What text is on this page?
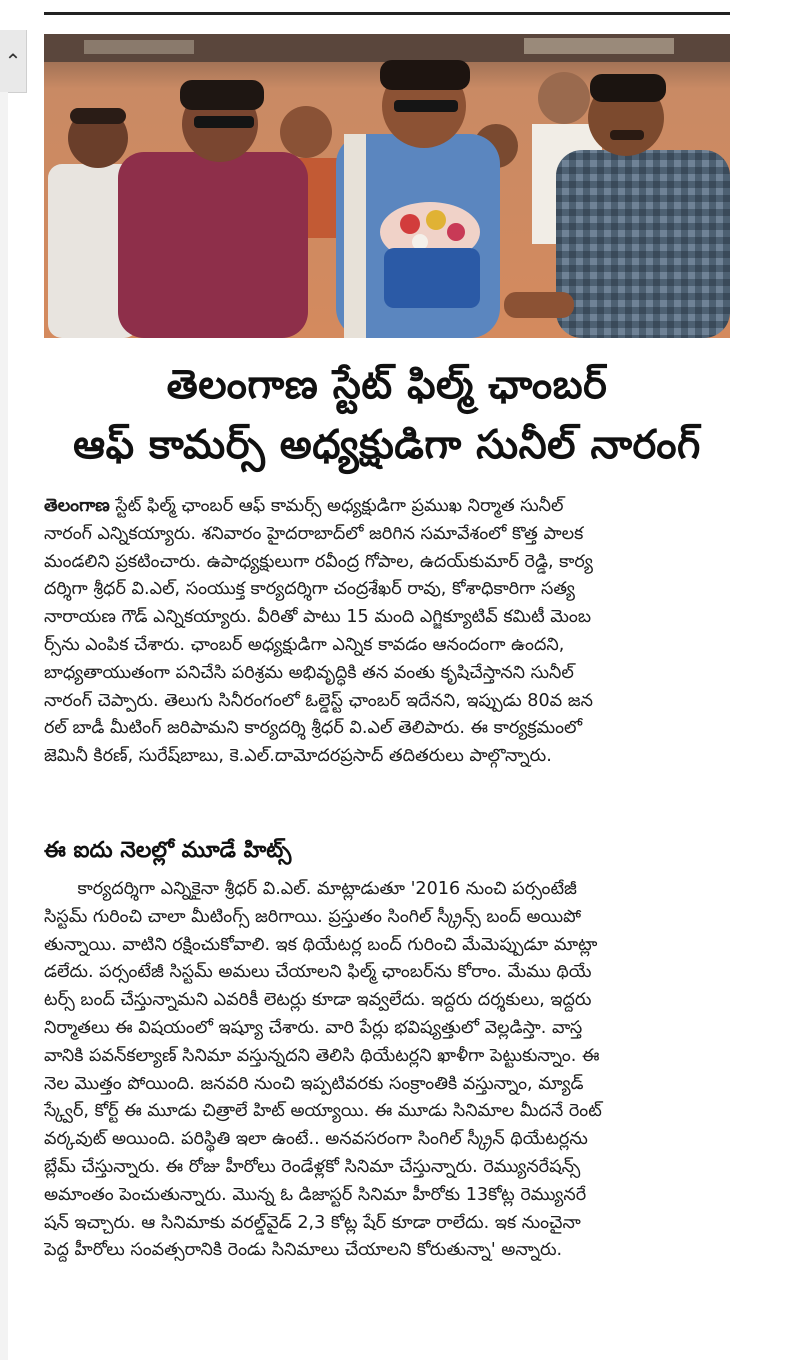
⌃
తెలంగాణ స్టేట్ ఫిల్మ్ ఛాంబర్
ఆఫ్ కామర్స్ అధ్యక్షుడిగా సునీల్ నారంగ్
తెలంగాణ స్టేట్ ఫిల్మ్ ఛాంబర్ ఆఫ్ కామర్స్ అధ్యక్షుడిగా ప్రముఖ నిర్మాత సునీల్
నారంగ్ ఎన్నికయ్యారు. శనివారం హైదరాబాద్‌లో జరిగిన సమావేశంలో కొత్త పాలక
మండలిని ప్రకటించారు. ఉపాధ్యక్షులుగా రవీంద్ర గోపాల, ఉదయ్‌కుమార్ రెడ్డి, కార్య
దర్శిగా శ్రీధర్ వి.ఎల్, సంయుక్త కార్యదర్శిగా చంద్రశేఖర్ రావు, కోశాధికారిగా సత్య
నారాయణ గౌడ్ ఎన్నికయ్యారు. వీరితో పాటు 15 మంది ఎగ్జిక్యూటివ్ కమిటీ మెంబ
ర్స్‌ను ఎంపిక చేశారు. ఛాంబర్ అధ్యక్షుడిగా ఎన్నిక కావడం ఆనందంగా ఉందని,
బాధ్యతాయుతంగా పనిచేసి పరిశ్రమ అభివృద్ధికి తన వంతు కృషిచేస్తానని సునీల్
నారంగ్ చెప్పారు. తెలుగు సినీరంగంలో ఓల్డెస్ట్ ఛాంబర్ ఇదేనని, ఇప్పుడు 80వ జన
రల్ బాడీ మీటింగ్ జరిపామని కార్యదర్శి శ్రీధర్ వి.ఎల్ తెలిపారు. ఈ కార్యక్రమంలో
జెమినీ కిరణ్, సురేష్‌బాబు, కె.ఎల్.దామోదరప్రసాద్ తదితరులు పాల్గొన్నారు.
ఈ ఐదు నెలల్లో మూడే హిట్స్
కార్యదర్శిగా ఎన్నికైనా శ్రీధర్ వి.ఎల్. మాట్లాడుతూ '2016 నుంచి పర్సంటేజీ
సిస్టమ్ గురించి చాలా మీటింగ్స్ జరిగాయి. ప్రస్తుతం సింగిల్ స్క్రీన్స్ బంద్ అయిపో
తున్నాయి. వాటిని రక్షించుకోవాలి. ఇక థియేటర్ల బంద్ గురించి మేమెప్పుడూ మాట్లా
డలేదు. పర్సంటేజీ సిస్టమ్ అమలు చేయాలని ఫిల్మ్ ఛాంబర్‌ను కోరాం. మేము థియే
టర్స్ బంద్ చేస్తున్నామని ఎవరికీ లెటర్లు కూడా ఇవ్వలేదు. ఇద్దరు దర్శకులు, ఇద్దరు
నిర్మాతలు ఈ విషయంలో ఇష్యూ చేశారు. వారి పేర్లు భవిష్యత్తులో వెల్లడిస్తా. వాస్త
వానికి పవన్‌కల్యాణ్ సినిమా వస్తున్నదని తెలిసి థియేటర్లని ఖాళీగా పెట్టుకున్నాం. ఈ
నెల మొత్తం పోయింది. జనవరి నుంచి ఇప్పటివరకు సంక్రాంతికి వస్తున్నాం, మ్యాడ్
స్క్వేర్, కోర్ట్ ఈ మూడు చిత్రాలే హిట్ అయ్యాయి. ఈ మూడు సినిమాల మీదనే రెంట్
వర్కవుట్ అయింది. పరిస్థితి ఇలా ఉంటే.. అనవసరంగా సింగిల్ స్క్రీన్ థియేటర్లను
బ్లేమ్ చేస్తున్నారు. ఈ రోజు హీరోలు రెండేళ్లకో సినిమా చేస్తున్నారు. రెమ్యునరేషన్స్
అమాంతం పెంచుతున్నారు. మొన్న ఓ డిజాస్టర్ సినిమా హీరోకు 13కోట్ల రెమ్యునరే
షన్ ఇచ్చారు. ఆ సినిమాకు వరల్డ్‌వైడ్ 2,3 కోట్ల షేర్ కూడా రాలేదు. ఇక నుంచైనా
పెద్ద హీరోలు సంవత్సరానికి రెండు సినిమాలు చేయాలని కోరుతున్నా' అన్నారు.
